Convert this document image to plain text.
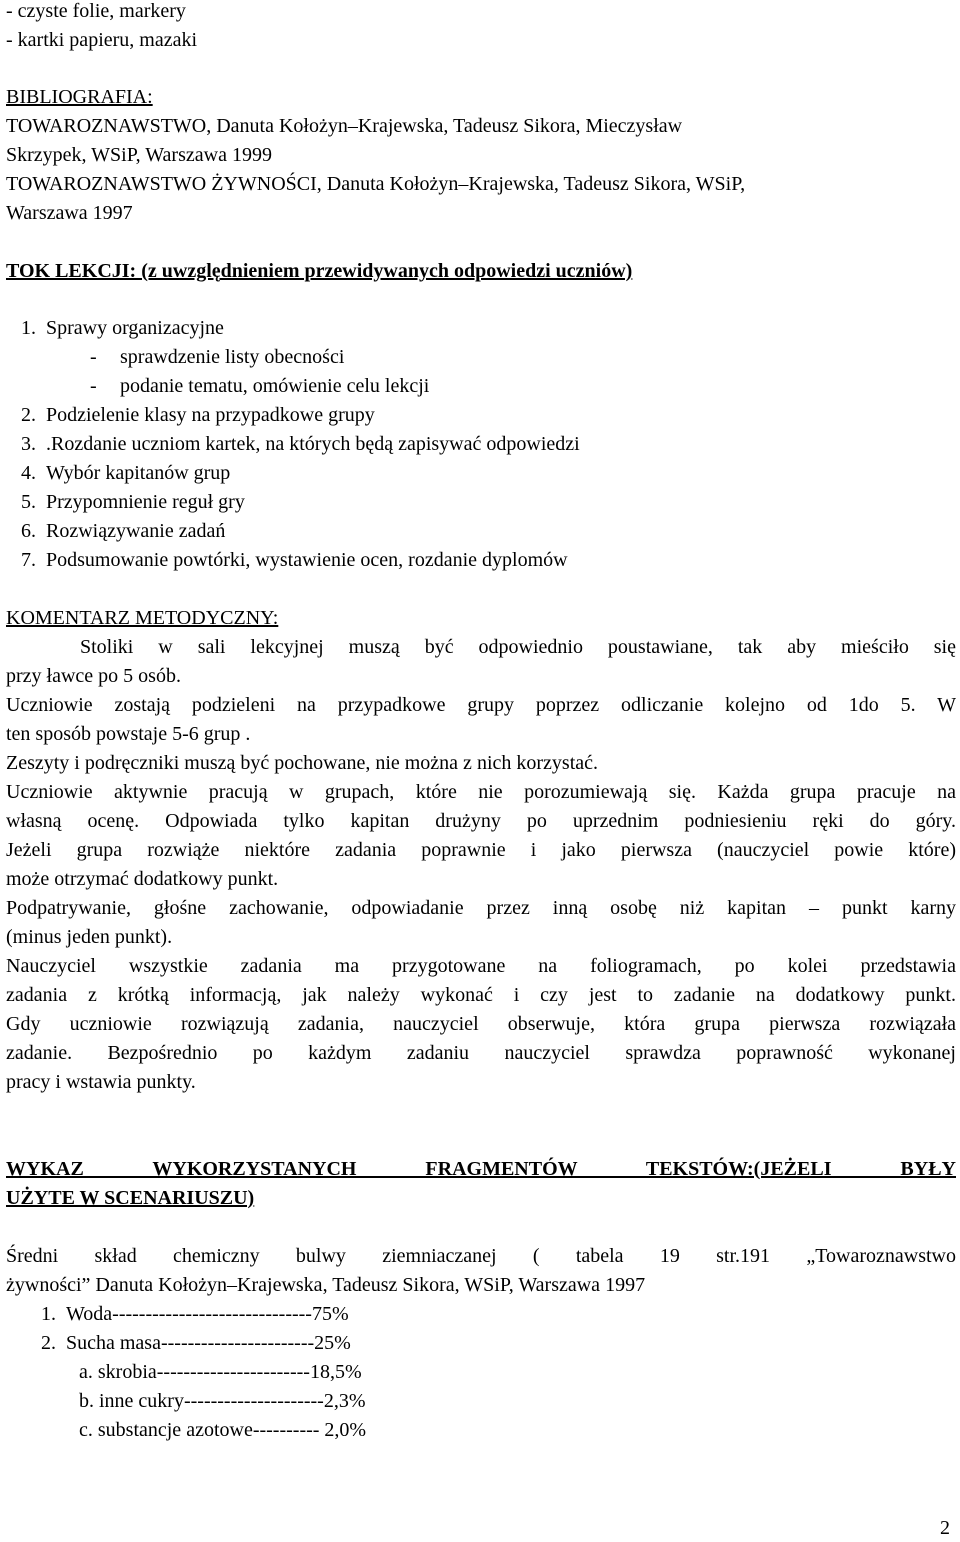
- czyste folie, markery
- kartki papieru, mazaki
BIBLIOGRAFIA:
TOWAROZNAWSTWO, Danuta Kołożyn–Krajewska, Tadeusz Sikora, Mieczysław
Skrzypek, WSiP, Warszawa 1999
TOWAROZNAWSTWO ŻYWNOŚCI, Danuta Kołożyn–Krajewska, Tadeusz Sikora, WSiP,
Warszawa 1997
TOK LEKCJI: (z uwzględnieniem przewidywanych odpowiedzi uczniów)
1. Sprawy organizacyjne
- sprawdzenie listy obecności
- podanie tematu, omówienie celu lekcji
2. Podzielenie klasy na przypadkowe grupy
3. .Rozdanie uczniom kartek, na których będą zapisywać odpowiedzi
4. Wybór kapitanów grup
5. Przypomnienie reguł gry
6. Rozwiązywanie zadań
7. Podsumowanie powtórki, wystawienie ocen, rozdanie dyplomów
KOMENTARZ METODYCZNY:
Stoliki w sali lekcyjnej muszą być odpowiednio poustawiane, tak aby mieściło się
przy ławce po 5 osób.
Uczniowie zostają podzieleni na przypadkowe grupy poprzez odliczanie kolejno od 1do 5. W
ten sposób powstaje 5-6 grup .
Zeszyty i podręczniki muszą być pochowane, nie można z nich korzystać.
Uczniowie aktywnie pracują w grupach, które nie porozumiewają się. Każda grupa pracuje na
własną ocenę. Odpowiada tylko kapitan drużyny po uprzednim podniesieniu ręki do góry.
Jeżeli grupa rozwiąże niektóre zadania poprawnie i jako pierwsza (nauczyciel powie które)
może otrzymać dodatkowy punkt.
Podpatrywanie, głośne zachowanie, odpowiadanie przez inną osobę niż kapitan – punkt karny
(minus jeden punkt).
Nauczyciel wszystkie zadania ma przygotowane na foliogramach, po kolei przedstawia
zadania z krótką informacją, jak należy wykonać i czy jest to zadanie na dodatkowy punkt.
Gdy uczniowie rozwiązują zadania, nauczyciel obserwuje, która grupa pierwsza rozwiązała
zadanie. Bezpośrednio po każdym zadaniu nauczyciel sprawdza poprawność wykonanej
pracy i wstawia punkty.
WYKAZ WYKORZYSTANYCH FRAGMENTÓW TEKSTÓW:(JEŻELI BYŁY
UŻYTE W SCENARIUSZU)
Średni skład chemiczny bulwy ziemniaczanej ( tabela 19 str.191 „Towaroznawstwo
żywności” Danuta Kołożyn–Krajewska, Tadeusz Sikora, WSiP, Warszawa 1997
1. Woda------------------------------75%
2. Sucha masa-----------------------25%
a. skrobia-----------------------18,5%
b. inne cukry---------------------2,3%
c. substancje azotowe---------- 2,0%
2
